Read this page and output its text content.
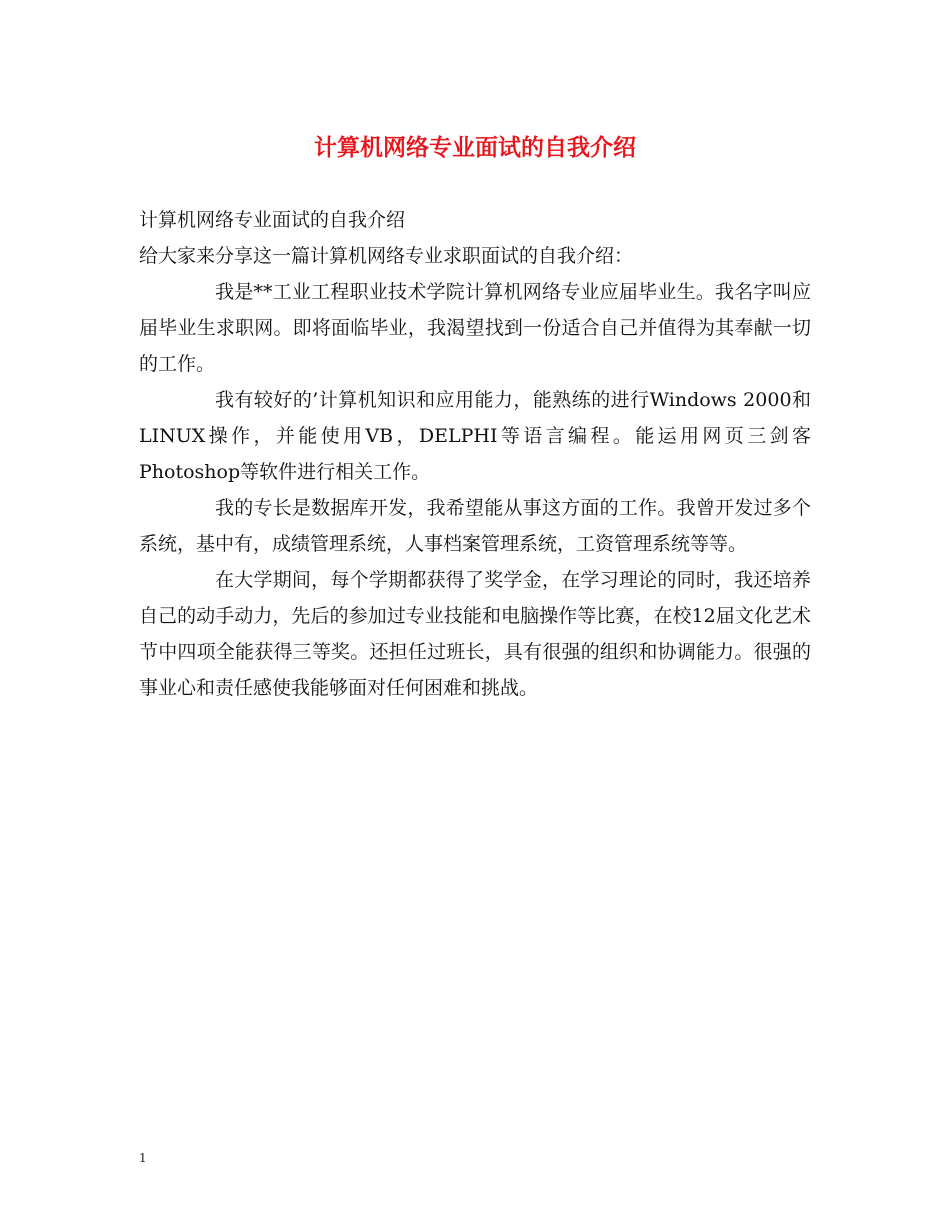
计算机网络专业面试的自我介绍

计算机网络专业面试的自我介绍

给大家来分享这一篇计算机网络专业求职面试的自我介绍：

我是**工业工程职业技术学院计算机网络专业应届毕业生。我名字叫应届毕业生求职网。即将面临毕业，我渴望找到一份适合自己并值得为其奉献一切的工作。

我有较好的’计算机知识和应用能力，能熟练的进行Windows 2000和LINUX操作，并能使用VB，DELPHI等语言编程。能运用网页三剑客Photoshop等软件进行相关工作。

我的专长是数据库开发，我希望能从事这方面的工作。我曾开发过多个系统，基中有，成绩管理系统，人事档案管理系统，工资管理系统等等。

在大学期间，每个学期都获得了奖学金，在学习理论的同时，我还培养自己的动手动力，先后的参加过专业技能和电脑操作等比赛，在校12届文化艺术节中四项全能获得三等奖。还担任过班长，具有很强的组织和协调能力。很强的事业心和责任感使我能够面对任何困难和挑战。

1
